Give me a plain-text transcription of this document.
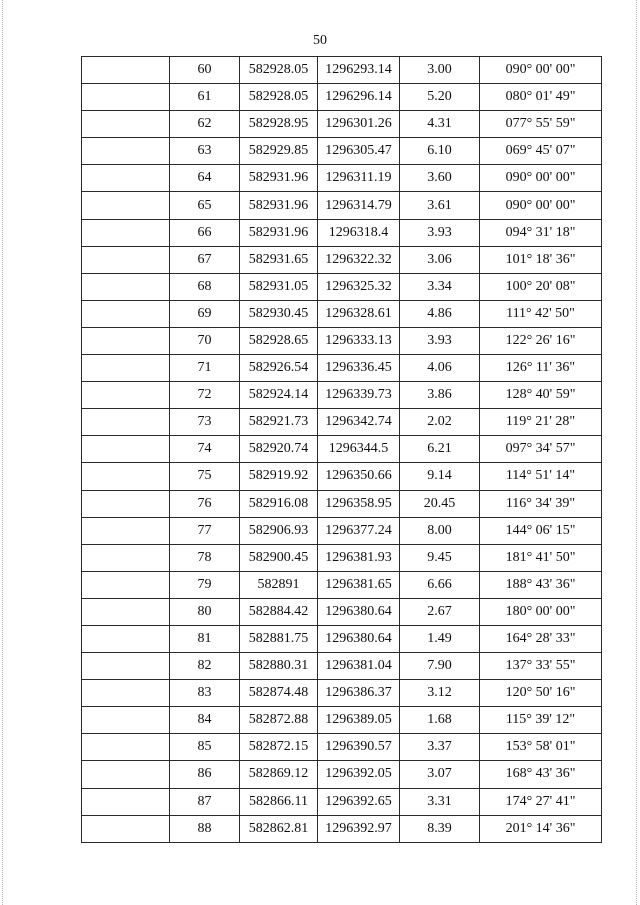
50
	60	582928.05	1296293.14	3.00	090° 00' 00"
	61	582928.05	1296296.14	5.20	080° 01' 49"
	62	582928.95	1296301.26	4.31	077° 55' 59"
	63	582929.85	1296305.47	6.10	069° 45' 07"
	64	582931.96	1296311.19	3.60	090° 00' 00"
	65	582931.96	1296314.79	3.61	090° 00' 00"
	66	582931.96	1296318.4	3.93	094° 31' 18"
	67	582931.65	1296322.32	3.06	101° 18' 36"
	68	582931.05	1296325.32	3.34	100° 20' 08"
	69	582930.45	1296328.61	4.86	111° 42' 50"
	70	582928.65	1296333.13	3.93	122° 26' 16"
	71	582926.54	1296336.45	4.06	126° 11' 36"
	72	582924.14	1296339.73	3.86	128° 40' 59"
	73	582921.73	1296342.74	2.02	119° 21' 28"
	74	582920.74	1296344.5	6.21	097° 34' 57"
	75	582919.92	1296350.66	9.14	114° 51' 14"
	76	582916.08	1296358.95	20.45	116° 34' 39"
	77	582906.93	1296377.24	8.00	144° 06' 15"
	78	582900.45	1296381.93	9.45	181° 41' 50"
	79	582891	1296381.65	6.66	188° 43' 36"
	80	582884.42	1296380.64	2.67	180° 00' 00"
	81	582881.75	1296380.64	1.49	164° 28' 33"
	82	582880.31	1296381.04	7.90	137° 33' 55"
	83	582874.48	1296386.37	3.12	120° 50' 16"
	84	582872.88	1296389.05	1.68	115° 39' 12"
	85	582872.15	1296390.57	3.37	153° 58' 01"
	86	582869.12	1296392.05	3.07	168° 43' 36"
	87	582866.11	1296392.65	3.31	174° 27' 41"
	88	582862.81	1296392.97	8.39	201° 14' 36"
